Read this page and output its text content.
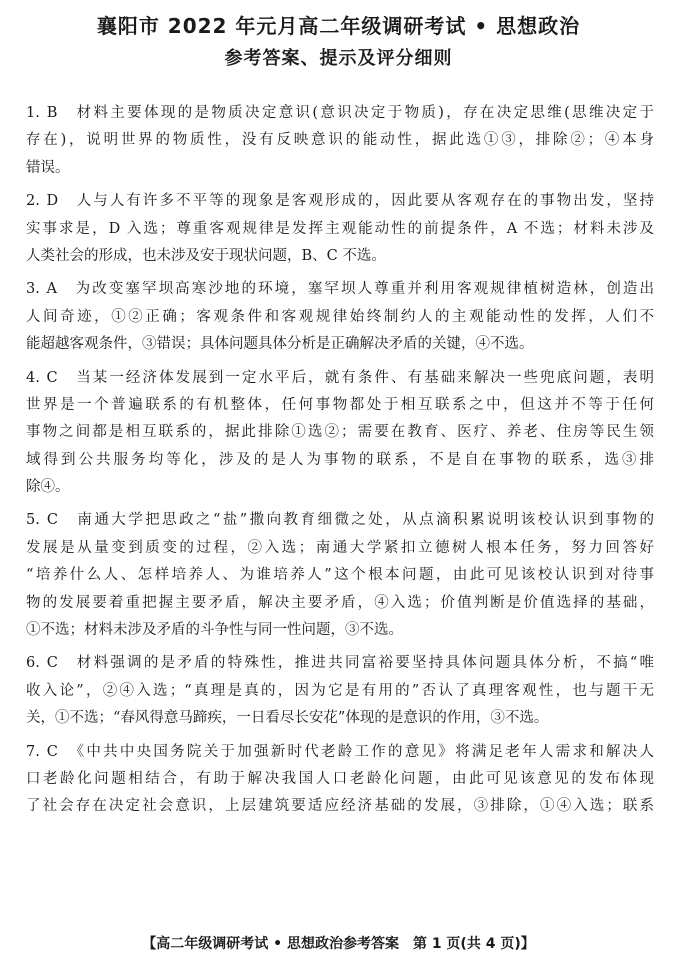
襄阳市 2022 年元月高二年级调研考试 • 思想政治
参考答案、提示及评分细则
1. B　材料主要体现的是物质决定意识(意识决定于物质)，存在决定思维(思维决定于
存在)，说明世界的物质性，没有反映意识的能动性，据此选①③，排除②；④本身
错误。
2. D　人与人有许多不平等的现象是客观形成的，因此要从客观存在的事物出发，坚持
实事求是，D 入选；尊重客观规律是发挥主观能动性的前提条件，A 不选；材料未涉及
人类社会的形成，也未涉及安于现状问题，B、C 不选。
3. A　为改变塞罕坝高寒沙地的环境，塞罕坝人尊重并利用客观规律植树造林，创造出
人间奇迹，①②正确；客观条件和客观规律始终制约人的主观能动性的发挥，人们不
能超越客观条件，③错误；具体问题具体分析是正确解决矛盾的关键，④不选。
4. C　当某一经济体发展到一定水平后，就有条件、有基础来解决一些兜底问题，表明
世界是一个普遍联系的有机整体，任何事物都处于相互联系之中，但这并不等于任何
事物之间都是相互联系的，据此排除①选②；需要在教育、医疗、养老、住房等民生领
域得到公共服务均等化，涉及的是人为事物的联系，不是自在事物的联系，选③排
除④。
5. C　南通大学把思政之“盐”撒向教育细微之处，从点滴积累说明该校认识到事物的
发展是从量变到质变的过程，②入选；南通大学紧扣立德树人根本任务，努力回答好
“培养什么人、怎样培养人、为谁培养人”这个根本问题，由此可见该校认识到对待事
物的发展要着重把握主要矛盾，解决主要矛盾，④入选；价值判断是价值选择的基础，
①不选；材料未涉及矛盾的斗争性与同一性问题，③不选。
6. C　材料强调的是矛盾的特殊性，推进共同富裕要坚持具体问题具体分析，不搞“唯
收入论”，②④入选；“真理是真的，因为它是有用的”否认了真理客观性，也与题干无
关，①不选；“春风得意马蹄疾，一日看尽长安花”体现的是意识的作用，③不选。
7. C　《中共中央国务院关于加强新时代老龄工作的意见》将满足老年人需求和解决人
口老龄化问题相结合，有助于解决我国人口老龄化问题，由此可见该意见的发布体现
了社会存在决定社会意识，上层建筑要适应经济基础的发展，③排除，①④入选；联系
【高二年级调研考试 • 思想政治参考答案　第 1 页(共 4 页)】
